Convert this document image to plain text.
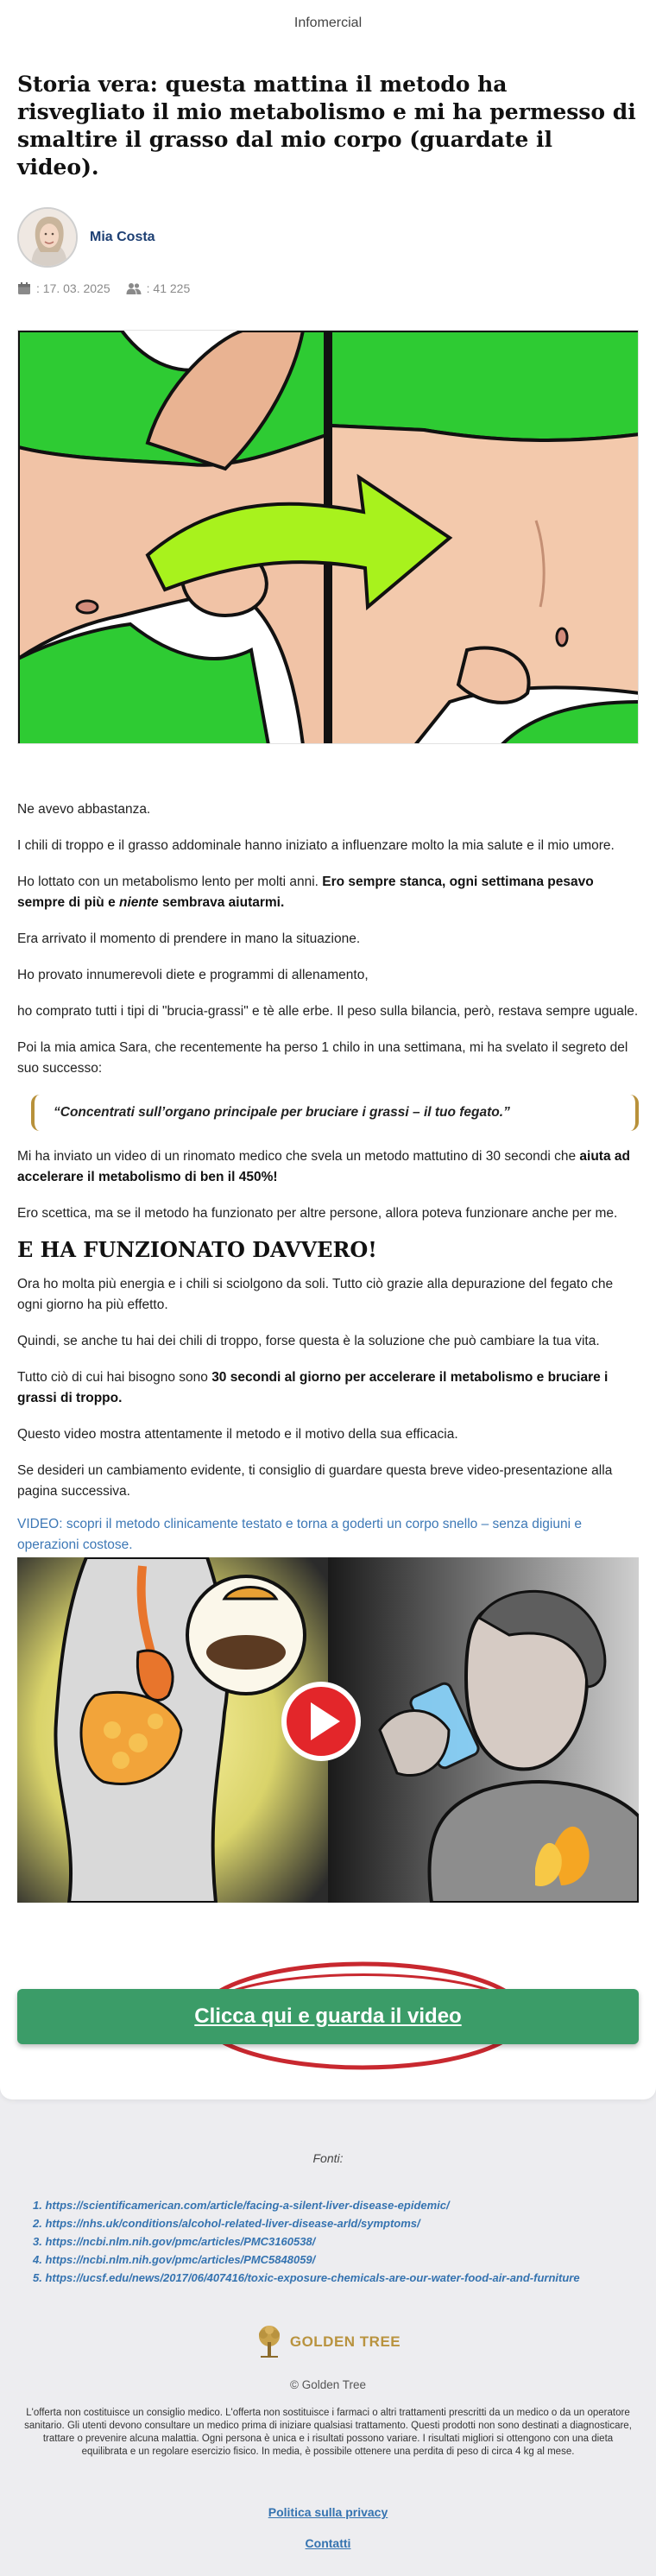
Infomercial
Storia vera: questa mattina il metodo ha risvegliato il mio metabolismo e mi ha permesso di smaltire il grasso dal mio corpo (guardate il video).
Mia Costa
: 17. 03. 2025	: 41 225

Ne avevo abbastanza.

I chili di troppo e il grasso addominale hanno iniziato a influenzare molto la mia salute e il mio umore.

Ho lottato con un metabolismo lento per molti anni. Ero sempre stanca, ogni settimana pesavo sempre di più e niente sembrava aiutarmi.

Era arrivato il momento di prendere in mano la situazione.

Ho provato innumerevoli diete e programmi di allenamento,

ho comprato tutti i tipi di "brucia-grassi" e tè alle erbe. Il peso sulla bilancia, però, restava sempre uguale.

Poi la mia amica Sara, che recentemente ha perso 1 chilo in una settimana, mi ha svelato il segreto del suo successo:

“Concentrati sull’organo principale per bruciare i grassi – il tuo fegato.”

Mi ha inviato un video di un rinomato medico che svela un metodo mattutino di 30 secondi che aiuta ad accelerare il metabolismo di ben il 450%!

Ero scettica, ma se il metodo ha funzionato per altre persone, allora poteva funzionare anche per me.

E HA FUNZIONATO DAVVERO!

Ora ho molta più energia e i chili si sciolgono da soli. Tutto ciò grazie alla depurazione del fegato che ogni giorno ha più effetto.

Quindi, se anche tu hai dei chili di troppo, forse questa è la soluzione che può cambiare la tua vita.

Tutto ciò di cui hai bisogno sono 30 secondi al giorno per accelerare il metabolismo e bruciare i grassi di troppo.

Questo video mostra attentamente il metodo e il motivo della sua efficacia.

Se desideri un cambiamento evidente, ti consiglio di guardare questa breve video-presentazione alla pagina successiva.

VIDEO: scopri il metodo clinicamente testato e torna a goderti un corpo snello – senza digiuni e operazioni costose.
Clicca qui e guarda il video
Fonti:
1. https://scientificamerican.com/article/facing-a-silent-liver-disease-epidemic/
2. https://nhs.uk/conditions/alcohol-related-liver-disease-arld/symptoms/
3. https://ncbi.nlm.nih.gov/pmc/articles/PMC3160538/
4. https://ncbi.nlm.nih.gov/pmc/articles/PMC5848059/
5. https://ucsf.edu/news/2017/06/407416/toxic-exposure-chemicals-are-our-water-food-air-and-furniture
GOLDEN TREE
© Golden Tree
L'offerta non costituisce un consiglio medico. L'offerta non sostituisce i farmaci o altri trattamenti prescritti da un medico o da un operatore sanitario. Gli utenti devono consultare un medico prima di iniziare qualsiasi trattamento. Questi prodotti non sono destinati a diagnosticare, trattare o prevenire alcuna malattia. Ogni persona è unica e i risultati possono variare. I risultati migliori si ottengono con una dieta equilibrata e un regolare esercizio fisico. In media, è possibile ottenere una perdita di peso di circa 4 kg al mese.
Politica sulla privacy
Contatti
